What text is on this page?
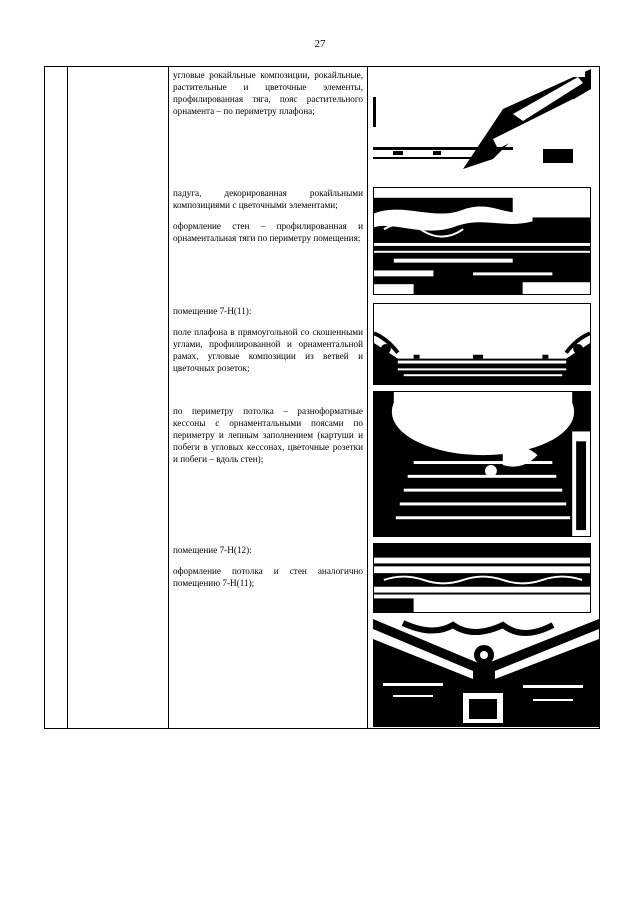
27

угловые рокайльные композиции, рокайльные, растительные и цветочные элементы, профилированная тяга, пояс растительного орнамента – по периметру плафона;

падуга, декорированная рокайльными композициями с цветочными элементами;

оформление стен – профилированная и орнаментальная тяги по периметру помещения;

помещение 7-Н(11):

поле плафона в прямоугольной со скошенными углами, профилированной и орнаментальной рамах, угловые композиции из ветвей и цветочных розеток;

по периметру потолка – разноформатные кессоны с орнаментальными поясами по периметру и лепным заполнением (картуши и побеги в угловых кессонах, цветочные розетки и побеги – вдоль стен);

помещение 7-Н(12):

оформление потолка и стен аналогично помещению 7-Н(11);
